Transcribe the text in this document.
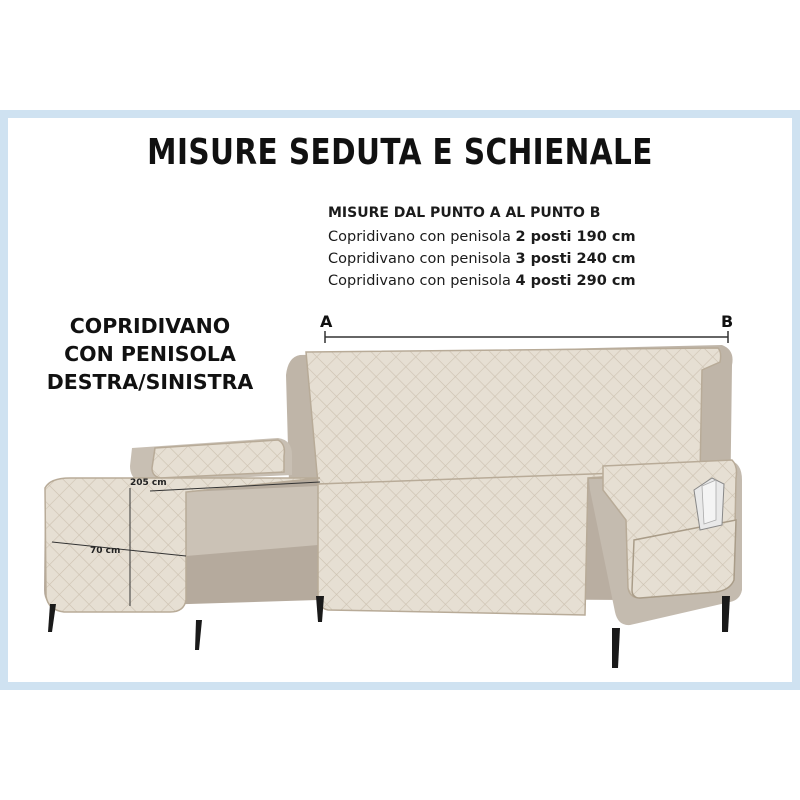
MISURE SEDUTA E SCHIENALE
MISURE DAL PUNTO A AL PUNTO B
Copridivano con penisola 2 posti 190 cm
Copridivano con penisola 3 posti 240 cm
Copridivano con penisola 4 posti 290 cm
COPRIDIVANO
CON PENISOLA
DESTRA/SINISTRA
A	B
205 cm
70 cm
